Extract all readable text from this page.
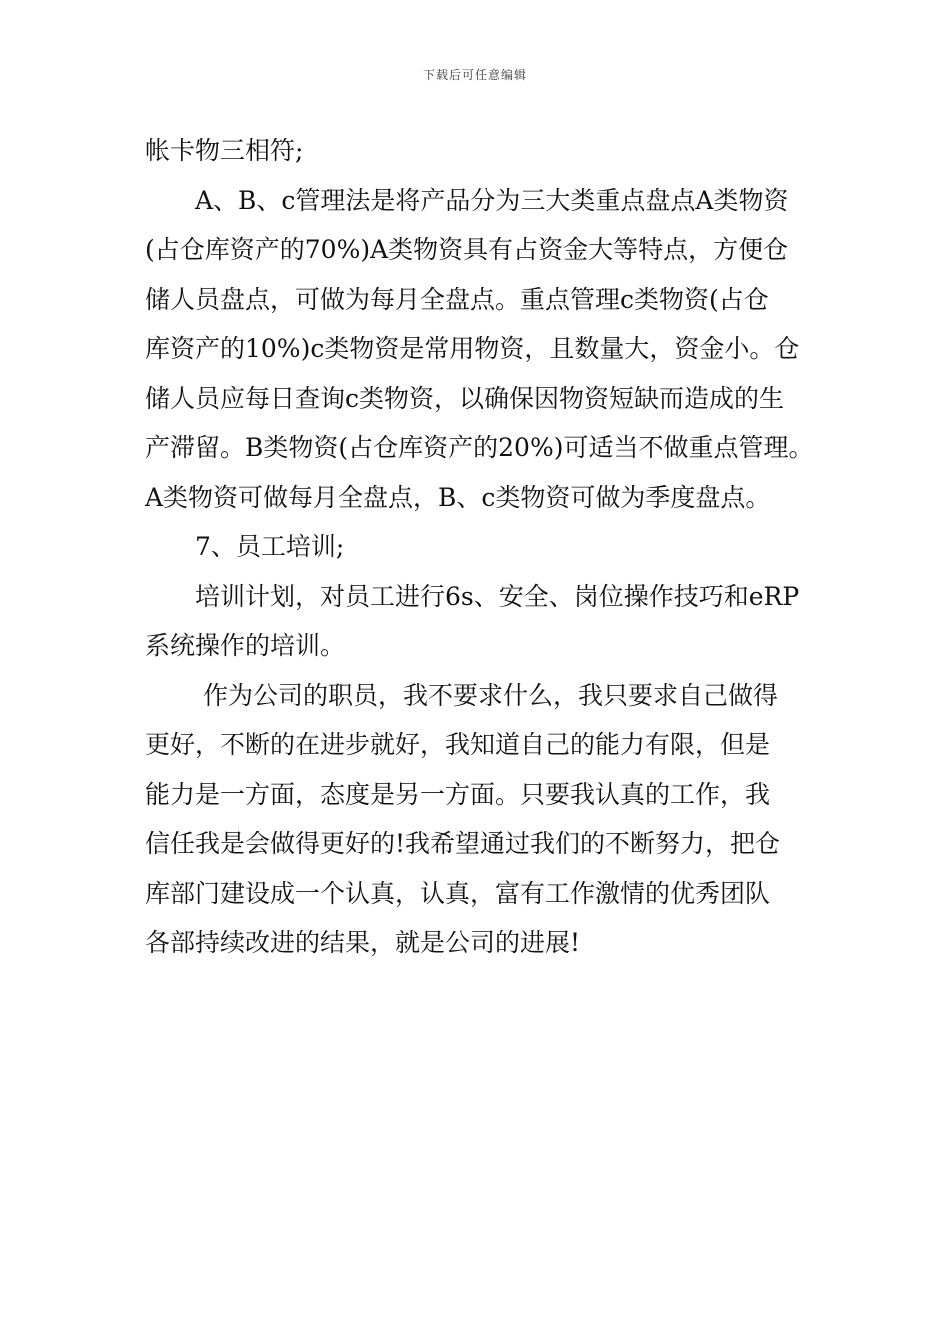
下载后可任意编辑

帐卡物三相符;

A、B、c管理法是将产品分为三大类重点盘点A类物资

(占仓库资产的70%)A类物资具有占资金大等特点，方便仓

储人员盘点，可做为每月全盘点。重点管理c类物资(占仓

库资产的10%)c类物资是常用物资，且数量大，资金小。仓

储人员应每日查询c类物资，以确保因物资短缺而造成的生

产滞留。B类物资(占仓库资产的20%)可适当不做重点管理。

A类物资可做每月全盘点，B、c类物资可做为季度盘点。

7、员工培训;

培训计划，对员工进行6s、安全、岗位操作技巧和eRP

系统操作的培训。

作为公司的职员，我不要求什么，我只要求自己做得

更好，不断的在进步就好，我知道自己的能力有限，但是

能力是一方面，态度是另一方面。只要我认真的工作，我

信任我是会做得更好的!我希望通过我们的不断努力，把仓

库部门建设成一个认真，认真，富有工作激情的优秀团队

各部持续改进的结果，就是公司的进展!
